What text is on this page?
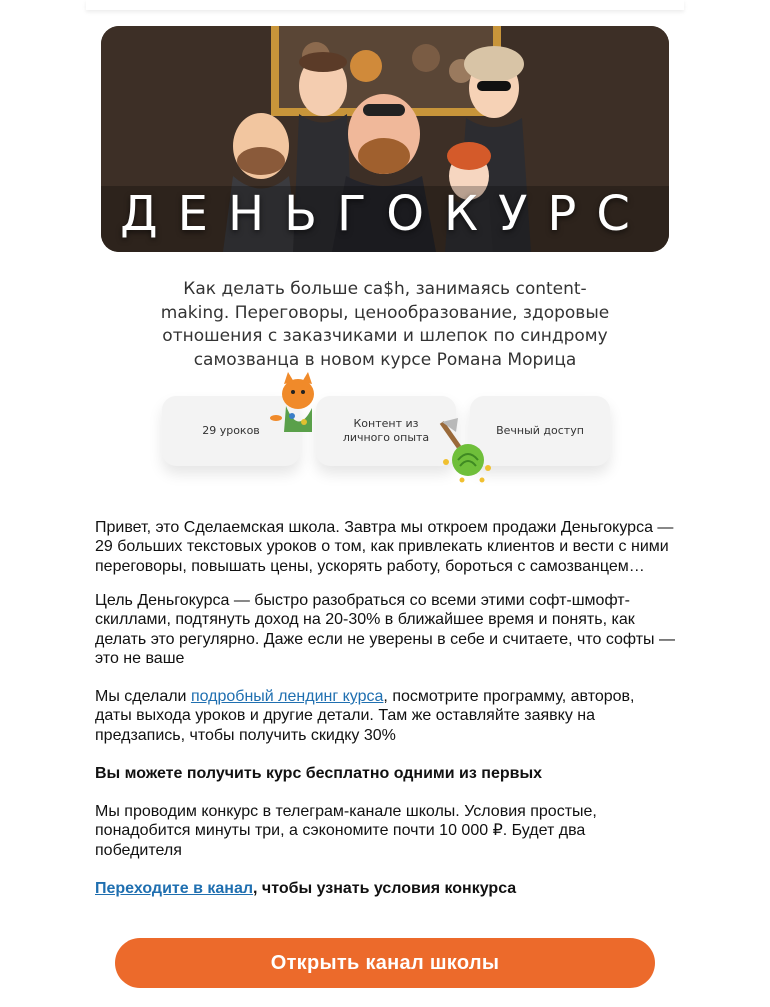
ДЕНЬГОКУРС
Как делать больше ca$h, занимаясь content-making. Переговоры, ценообразование, здоровые отношения с заказчиками и шлепок по синдрому самозванца в новом курсе Романа Морица
29 уроков
Контент из личного опыта
Вечный доступ

Привет, это Сделаемская школа. Завтра мы откроем продажи Деньгокурса — 29 больших текстовых уроков о том, как привлекать клиентов и вести с ними переговоры, повышать цены, ускорять работу, бороться с самозванцем…

Цель Деньгокурса — быстро разобраться со всеми этими софт-шмофт-скиллами, подтянуть доход на 20-30% в ближайшее время и понять, как делать это регулярно. Даже если не уверены в себе и считаете, что софты — это не ваше

Мы сделали подробный лендинг курса, посмотрите программу, авторов, даты выхода уроков и другие детали. Там же оставляйте заявку на предзапись, чтобы получить скидку 30%

Вы можете получить курс бесплатно одними из первых

Мы проводим конкурс в телеграм-канале школы. Условия простые, понадобится минуты три, а сэкономите почти 10 000 ₽. Будет два победителя

Переходите в канал, чтобы узнать условия конкурса

Открыть канал школы
